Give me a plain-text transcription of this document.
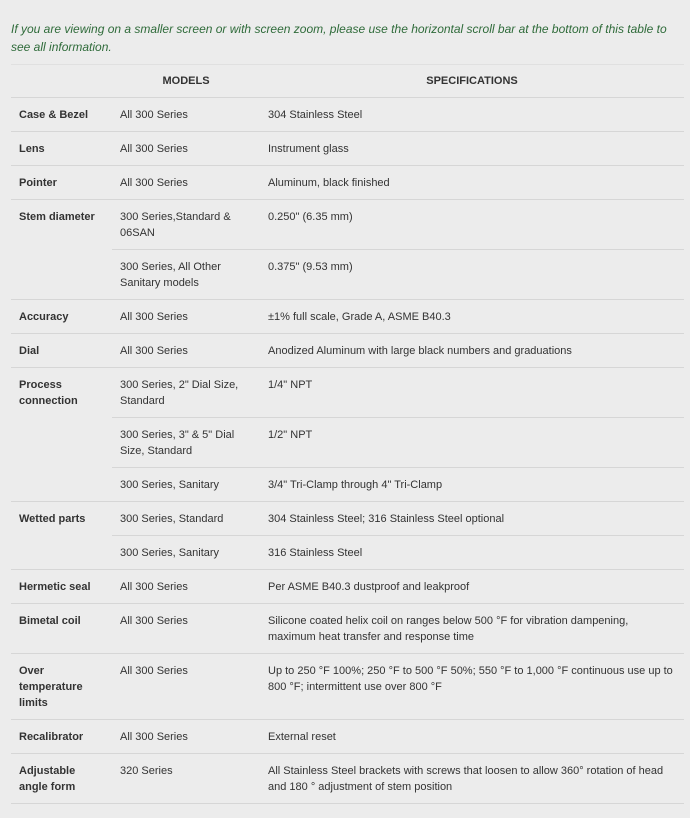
If you are viewing on a smaller screen or with screen zoom, please use the horizontal scroll bar at the bottom of this table to see all information.
	MODELS	SPECIFICATIONS
Case & Bezel	All 300 Series	304 Stainless Steel
Lens	All 300 Series	Instrument glass
Pointer	All 300 Series	Aluminum, black finished
Stem diameter	300 Series,Standard & 06SAN	0.250" (6.35 mm)
	300 Series, All Other Sanitary models	0.375" (9.53 mm)
Accuracy	All 300 Series	±1% full scale, Grade A, ASME B40.3
Dial	All 300 Series	Anodized Aluminum with large black numbers and graduations
Process connection	300 Series, 2" Dial Size, Standard	1/4" NPT
	300 Series, 3" & 5" Dial Size, Standard	1/2" NPT
	300 Series, Sanitary	3/4" Tri-Clamp through 4" Tri-Clamp
Wetted parts	300 Series, Standard	304 Stainless Steel; 316 Stainless Steel optional
	300 Series, Sanitary	316 Stainless Steel
Hermetic seal	All 300 Series	Per ASME B40.3 dustproof and leakproof
Bimetal coil	All 300 Series	Silicone coated helix coil on ranges below 500 °F for vibration dampening, maximum heat transfer and response time
Over temperature limits	All 300 Series	Up to 250 °F 100%; 250 °F to 500 °F 50%; 550 °F to 1,000 °F continuous use up to 800 °F; intermittent use over 800 °F
Recalibrator	All 300 Series	External reset
Adjustable angle form	320 Series	All Stainless Steel brackets with screws that loosen to allow 360° rotation of head and 180 ° adjustment of stem position
